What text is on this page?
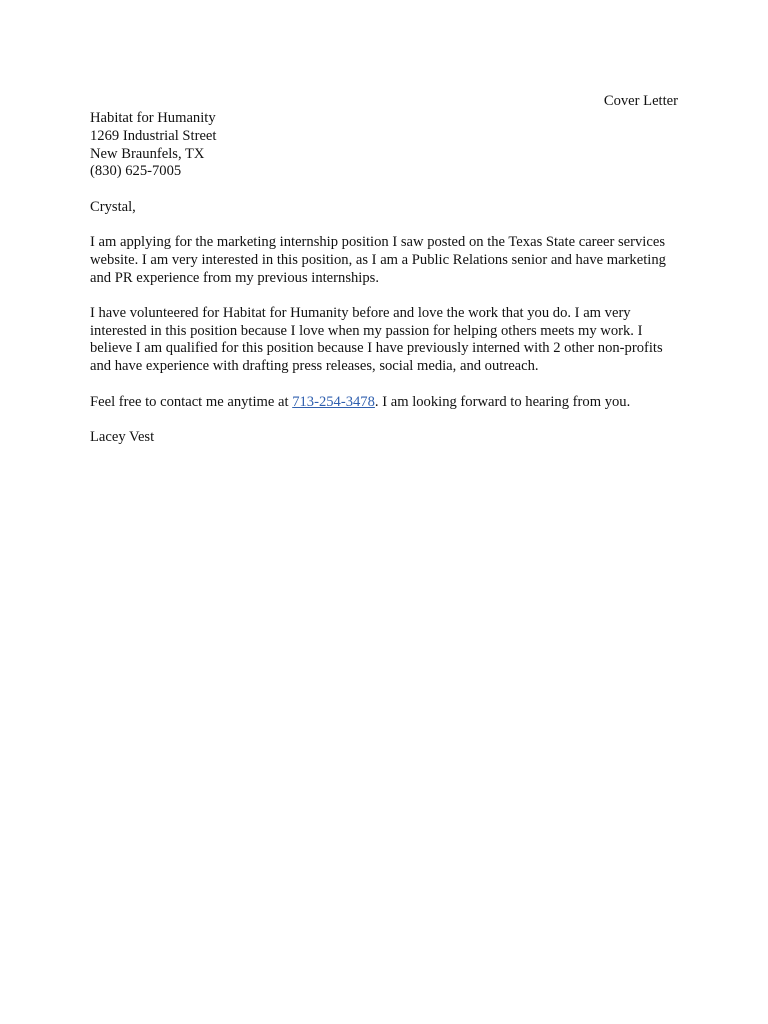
Cover Letter
Habitat for Humanity
1269 Industrial Street
New Braunfels, TX
(830) 625-7005

Crystal,

I am applying for the marketing internship position I saw posted on the Texas State career services website. I am very interested in this position, as I am a Public Relations senior and have marketing and PR experience from my previous internships.

I have volunteered for Habitat for Humanity before and love the work that you do. I am very interested in this position because I love when my passion for helping others meets my work. I believe I am qualified for this position because I have previously interned with 2 other non-profits and have experience with drafting press releases, social media, and outreach.

Feel free to contact me anytime at 713-254-3478. I am looking forward to hearing from you.

Lacey Vest
